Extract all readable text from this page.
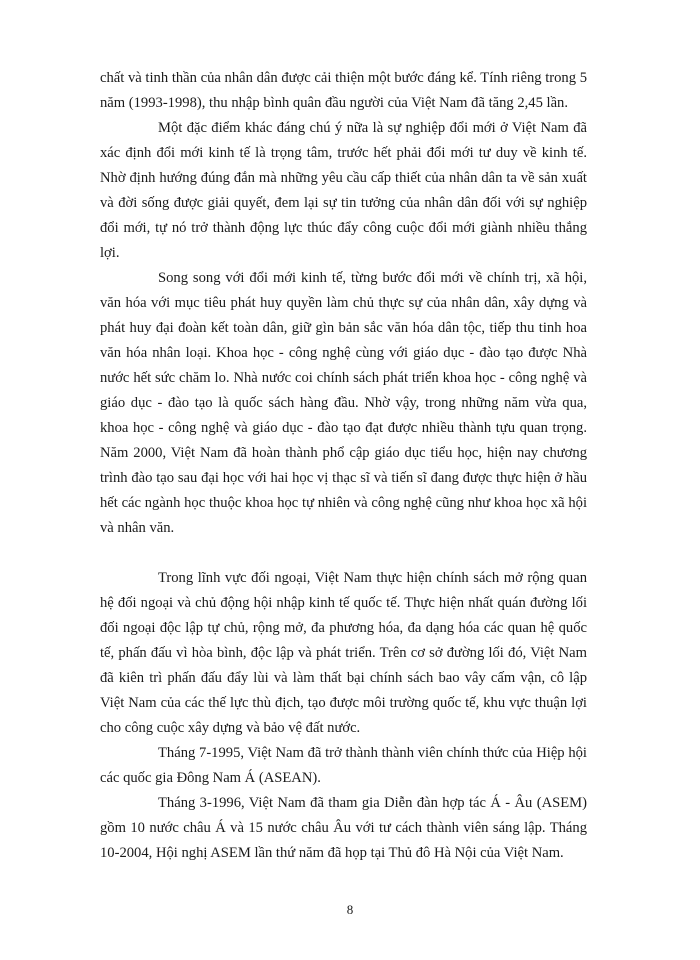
chất và tinh thần của nhân dân được cải thiện một bước đáng kể. Tính riêng trong 5 năm (1993-1998), thu nhập bình quân đầu người của Việt Nam đã tăng 2,45 lần.

Một đặc điểm khác đáng chú ý nữa là sự nghiệp đổi mới ở Việt Nam đã xác định đổi mới kinh tế là trọng tâm, trước hết phải đổi mới tư duy về kinh tế. Nhờ định hướng đúng đắn mà những yêu cầu cấp thiết của nhân dân ta về sản xuất và đời sống được giải quyết, đem lại sự tin tưởng của nhân dân đối với sự nghiệp đổi mới, tự nó trở thành động lực thúc đẩy công cuộc đổi mới giành nhiều thắng lợi.

Song song với đổi mới kinh tế, từng bước đổi mới về chính trị, xã hội, văn hóa với mục tiêu phát huy quyền làm chủ thực sự của nhân dân, xây dựng và phát huy đại đoàn kết toàn dân, giữ gìn bản sắc văn hóa dân tộc, tiếp thu tinh hoa văn hóa nhân loại. Khoa học - công nghệ cùng với giáo dục - đào tạo được Nhà nước hết sức chăm lo. Nhà nước coi chính sách phát triển khoa học - công nghệ và giáo dục - đào tạo là quốc sách hàng đầu. Nhờ vậy, trong những năm vừa qua, khoa học - công nghệ và giáo dục - đào tạo đạt được nhiều thành tựu quan trọng. Năm 2000, Việt Nam đã hoàn thành phổ cập giáo dục tiểu học, hiện nay chương trình đào tạo sau đại học với hai học vị thạc sĩ và tiến sĩ đang được thực hiện ở hầu hết các ngành học thuộc khoa học tự nhiên và công nghệ cũng như khoa học xã hội và nhân văn.

Trong lĩnh vực đối ngoại, Việt Nam thực hiện chính sách mở rộng quan hệ đối ngoại và chủ động hội nhập kinh tế quốc tế. Thực hiện nhất quán đường lối đối ngoại độc lập tự chủ, rộng mở, đa phương hóa, đa dạng hóa các quan hệ quốc tế, phấn đấu vì hòa bình, độc lập và phát triển. Trên cơ sở đường lối đó, Việt Nam đã kiên trì phấn đấu đẩy lùi và làm thất bại chính sách bao vây cấm vận, cô lập Việt Nam của các thế lực thù địch, tạo được môi trường quốc tế, khu vực thuận lợi cho công cuộc xây dựng và bảo vệ đất nước.

Tháng 7-1995, Việt Nam đã trở thành thành viên chính thức của Hiệp hội các quốc gia Đông Nam Á (ASEAN).

Tháng 3-1996, Việt Nam đã tham gia Diễn đàn hợp tác Á - Âu (ASEM) gồm 10 nước châu Á và 15 nước châu Âu với tư cách thành viên sáng lập. Tháng 10-2004, Hội nghị ASEM lần thứ năm đã họp tại Thủ đô Hà Nội của Việt Nam.

8
